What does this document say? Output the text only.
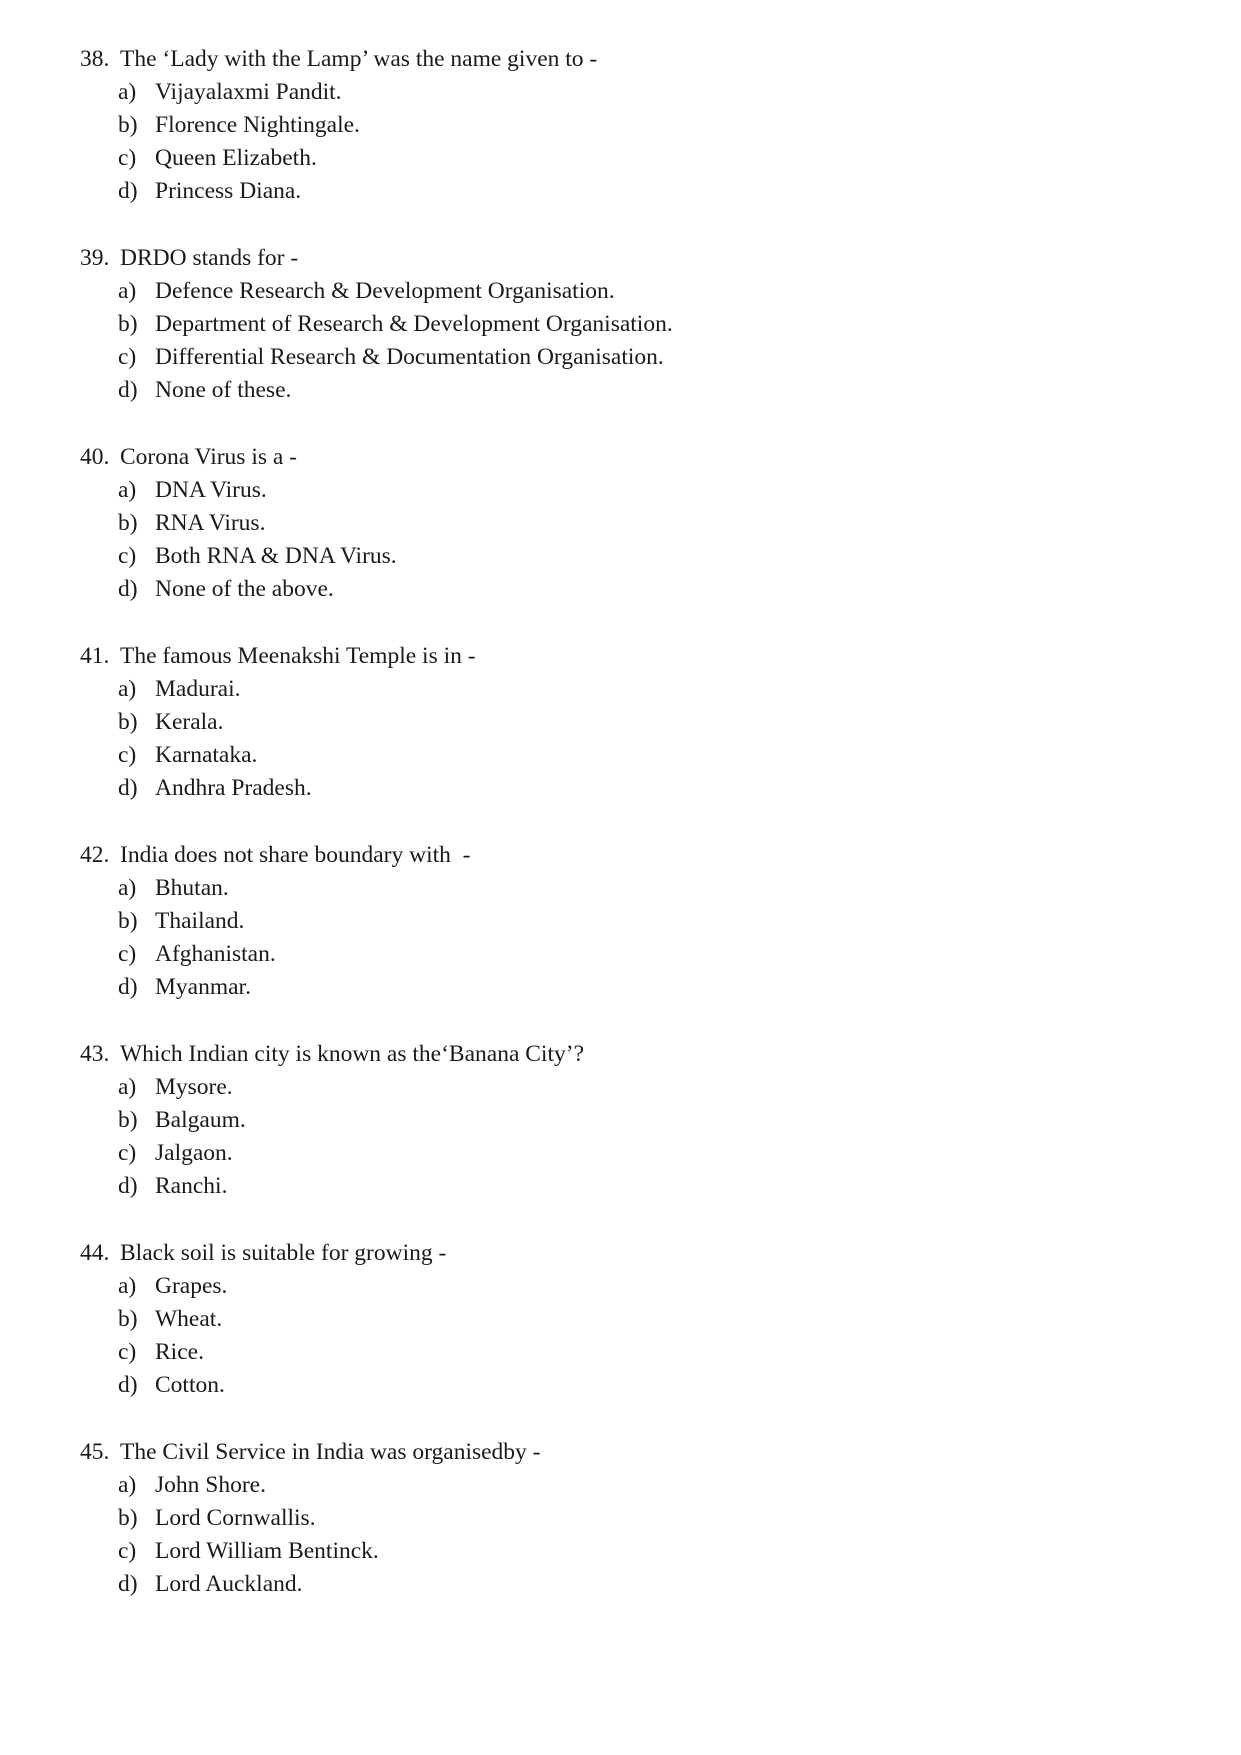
38. The ‘Lady with the Lamp’ was the name given to -
a) Vijayalaxmi Pandit.
b) Florence Nightingale.
c) Queen Elizabeth.
d) Princess Diana.
39. DRDO stands for -
a) Defence Research & Development Organisation.
b) Department of Research & Development Organisation.
c) Differential Research & Documentation Organisation.
d) None of these.
40. Corona Virus is a -
a) DNA Virus.
b) RNA Virus.
c) Both RNA & DNA Virus.
d) None of the above.
41. The famous Meenakshi Temple is in -
a) Madurai.
b) Kerala.
c) Karnataka.
d) Andhra Pradesh.
42. India does not share boundary with  -
a) Bhutan.
b) Thailand.
c) Afghanistan.
d) Myanmar.
43. Which Indian city is known as the‘Banana City’?
a) Mysore.
b) Balgaum.
c) Jalgaon.
d) Ranchi.
44. Black soil is suitable for growing -
a) Grapes.
b) Wheat.
c) Rice.
d) Cotton.
45. The Civil Service in India was organisedby -
a) John Shore.
b) Lord Cornwallis.
c) Lord William Bentinck.
d) Lord Auckland.
